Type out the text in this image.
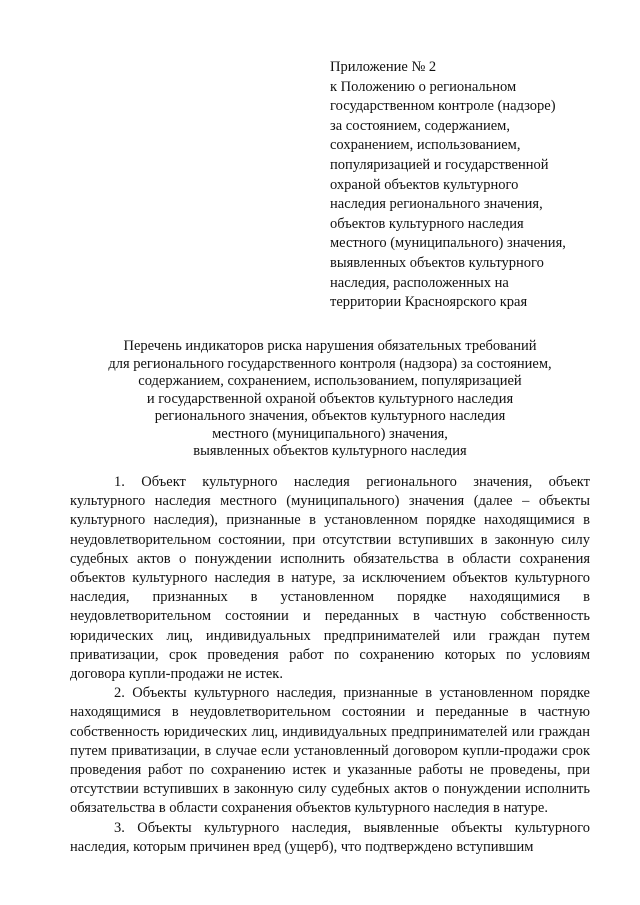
Приложение № 2
к Положению о региональном
государственном контроле (надзоре)
за состоянием, содержанием,
сохранением, использованием,
популяризацией и государственной
охраной объектов культурного
наследия регионального значения,
объектов культурного наследия
местного (муниципального) значения,
выявленных объектов культурного
наследия, расположенных на
территории Красноярского края
Перечень индикаторов риска нарушения обязательных требований
для регионального государственного контроля (надзора) за состоянием,
содержанием, сохранением, использованием, популяризацией
и государственной охраной объектов культурного наследия
регионального значения, объектов культурного наследия
местного (муниципального) значения,
выявленных объектов культурного наследия

1. Объект культурного наследия регионального значения, объект культурного наследия местного (муниципального) значения (далее – объекты культурного наследия), признанные в установленном порядке находящимися в неудовлетворительном состоянии, при отсутствии вступивших в законную силу судебных актов о понуждении исполнить обязательства в области сохранения объектов культурного наследия в натуре, за исключением объектов культурного наследия, признанных в установленном порядке находящимися в неудовлетворительном состоянии и переданных в частную собственность юридических лиц, индивидуальных предпринимателей или граждан путем приватизации, срок проведения работ по сохранению которых по условиям договора купли-продажи не истек.

2. Объекты культурного наследия, признанные в установленном порядке находящимися в неудовлетворительном состоянии и переданные в частную собственность юридических лиц, индивидуальных предпринимателей или граждан путем приватизации, в случае если установленный договором купли-продажи срок проведения работ по сохранению истек и указанные работы не проведены, при отсутствии вступивших в законную силу судебных актов о понуждении исполнить обязательства в области сохранения объектов культурного наследия в натуре.

3. Объекты культурного наследия, выявленные объекты культурного наследия, которым причинен вред (ущерб), что подтверждено вступившим
